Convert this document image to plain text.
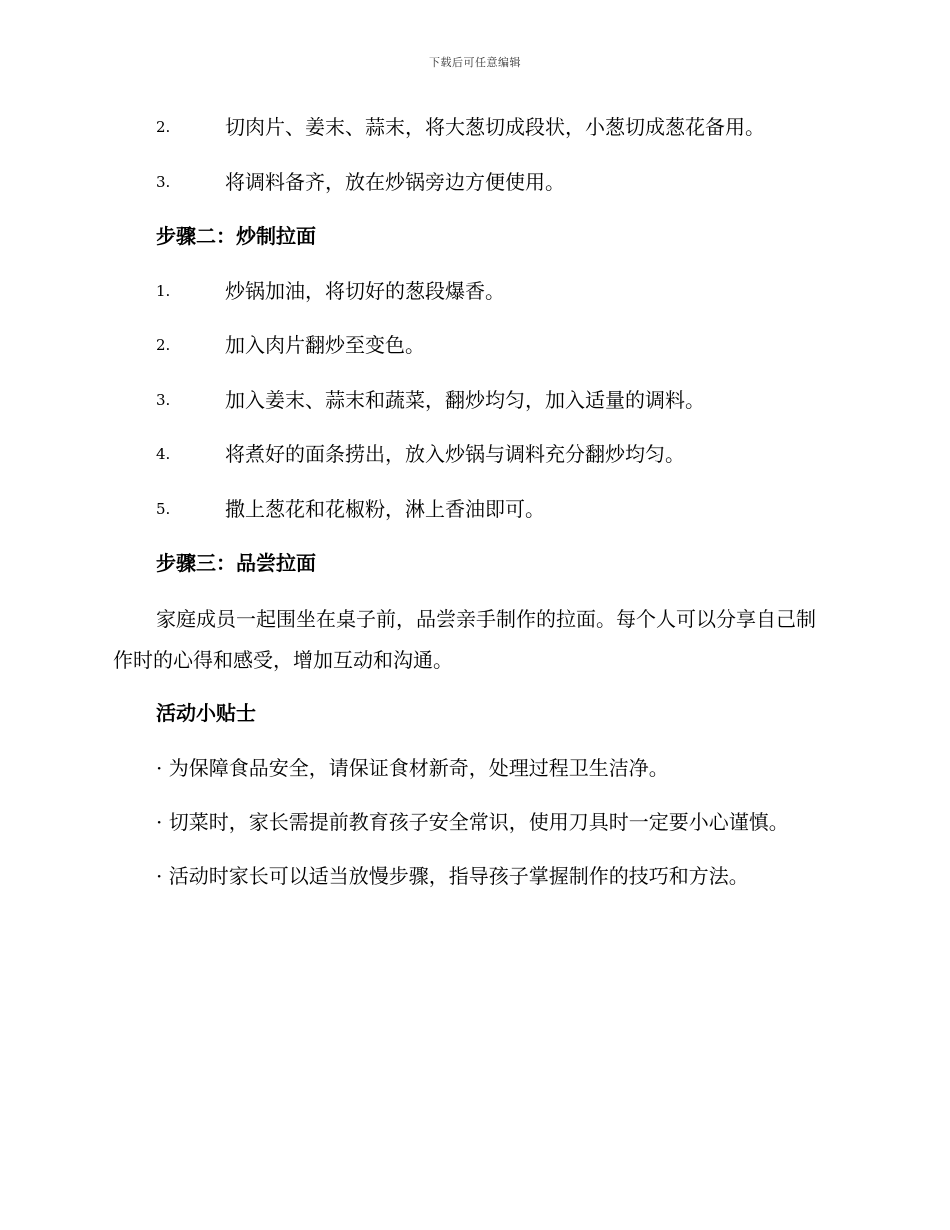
下载后可任意编辑
2.	切肉片、姜末、蒜末，将大葱切成段状，小葱切成葱花备用。
3.	将调料备齐，放在炒锅旁边方便使用。
步骤二：炒制拉面
1.	炒锅加油，将切好的葱段爆香。
2.	加入肉片翻炒至变色。
3.	加入姜末、蒜末和蔬菜，翻炒均匀，加入适量的调料。
4.	将煮好的面条捞出，放入炒锅与调料充分翻炒均匀。
5.	撒上葱花和花椒粉，淋上香油即可。
步骤三：品尝拉面
家庭成员一起围坐在桌子前，品尝亲手制作的拉面。每个人可以分享自己制作时的心得和感受，增加互动和沟通。
活动小贴士
· 为保障食品安全，请保证食材新奇，处理过程卫生洁净。
· 切菜时，家长需提前教育孩子安全常识，使用刀具时一定要小心谨慎。
· 活动时家长可以适当放慢步骤，指导孩子掌握制作的技巧和方法。
